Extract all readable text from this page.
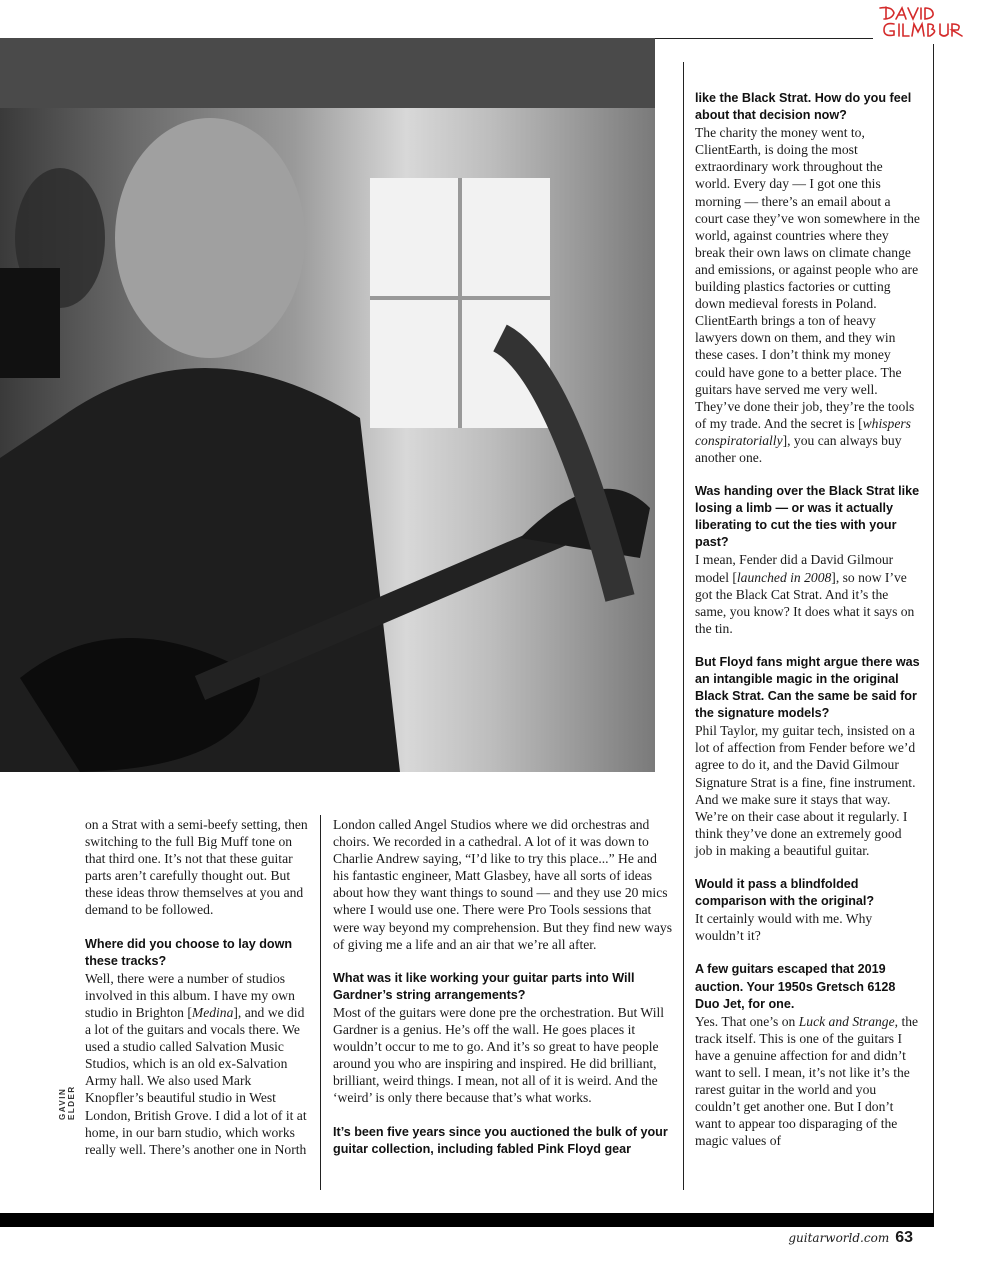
GAVIN ELDER

on a Strat with a semi-beefy setting, then switching to the full Big Muff tone on that third one. It’s not that these guitar parts aren’t carefully thought out. But these ideas throw themselves at you and demand to be followed.

Where did you choose to lay down these tracks?
Well, there were a number of studios involved in this album. I have my own studio in Brighton [Medina], and we did a lot of the guitars and vocals there. We used a studio called Salvation Music Studios, which is an old ex-Salvation Army hall. We also used Mark Knopfler’s beautiful studio in West London, British Grove. I did a lot of it at home, in our barn studio, which works really well. There’s another one in North

London called Angel Studios where we did orchestras and choirs. We recorded in a cathedral. A lot of it was down to Charlie Andrew saying, “I’d like to try this place...” He and his fantastic engineer, Matt Glasbey, have all sorts of ideas about how they want things to sound — and they use 20 mics where I would use one. There were Pro Tools sessions that were way beyond my comprehension. But they find new ways of giving me a life and an air that we’re all after.

What was it like working your guitar parts into Will Gardner’s string arrangements?
Most of the guitars were done pre the orchestration. But Will Gardner is a genius. He’s off the wall. He goes places it wouldn’t occur to me to go. And it’s so great to have people around you who are inspiring and inspired. He did brilliant, brilliant, weird things. I mean, not all of it is weird. And the ‘weird’ is only there because that’s what works.

It’s been five years since you auctioned the bulk of your guitar collection, including fabled Pink Floyd gear

like the Black Strat. How do you feel about that decision now?
The charity the money went to, ClientEarth, is doing the most extraordinary work throughout the world. Every day — I got one this morning — there’s an email about a court case they’ve won somewhere in the world, against countries where they break their own laws on climate change and emissions, or against people who are building plastics factories or cutting down medieval forests in Poland. ClientEarth brings a ton of heavy lawyers down on them, and they win these cases. I don’t think my money could have gone to a better place. The guitars have served me very well. They’ve done their job, they’re the tools of my trade. And the secret is [whispers conspiratorially], you can always buy another one.

Was handing over the Black Strat like losing a limb — or was it actually liberating to cut the ties with your past?
I mean, Fender did a David Gilmour model [launched in 2008], so now I’ve got the Black Cat Strat. And it’s the same, you know? It does what it says on the tin.

But Floyd fans might argue there was an intangible magic in the original Black Strat. Can the same be said for the signature models?
Phil Taylor, my guitar tech, insisted on a lot of affection from Fender before we’d agree to do it, and the David Gilmour Signature Strat is a fine, fine instrument. And we make sure it stays that way. We’re on their case about it regularly. I think they’ve done an extremely good job in making a beautiful guitar.

Would it pass a blindfolded comparison with the original?
It certainly would with me. Why wouldn’t it?

A few guitars escaped that 2019 auction. Your 1950s Gretsch 6128 Duo Jet, for one.
Yes. That one’s on Luck and Strange, the track itself. This is one of the guitars I have a genuine affection for and didn’t want to sell. I mean, it’s not like it’s the rarest guitar in the world and you couldn’t get another one. But I don’t want to appear too disparaging of the magic values of

guitarworld.com 63
